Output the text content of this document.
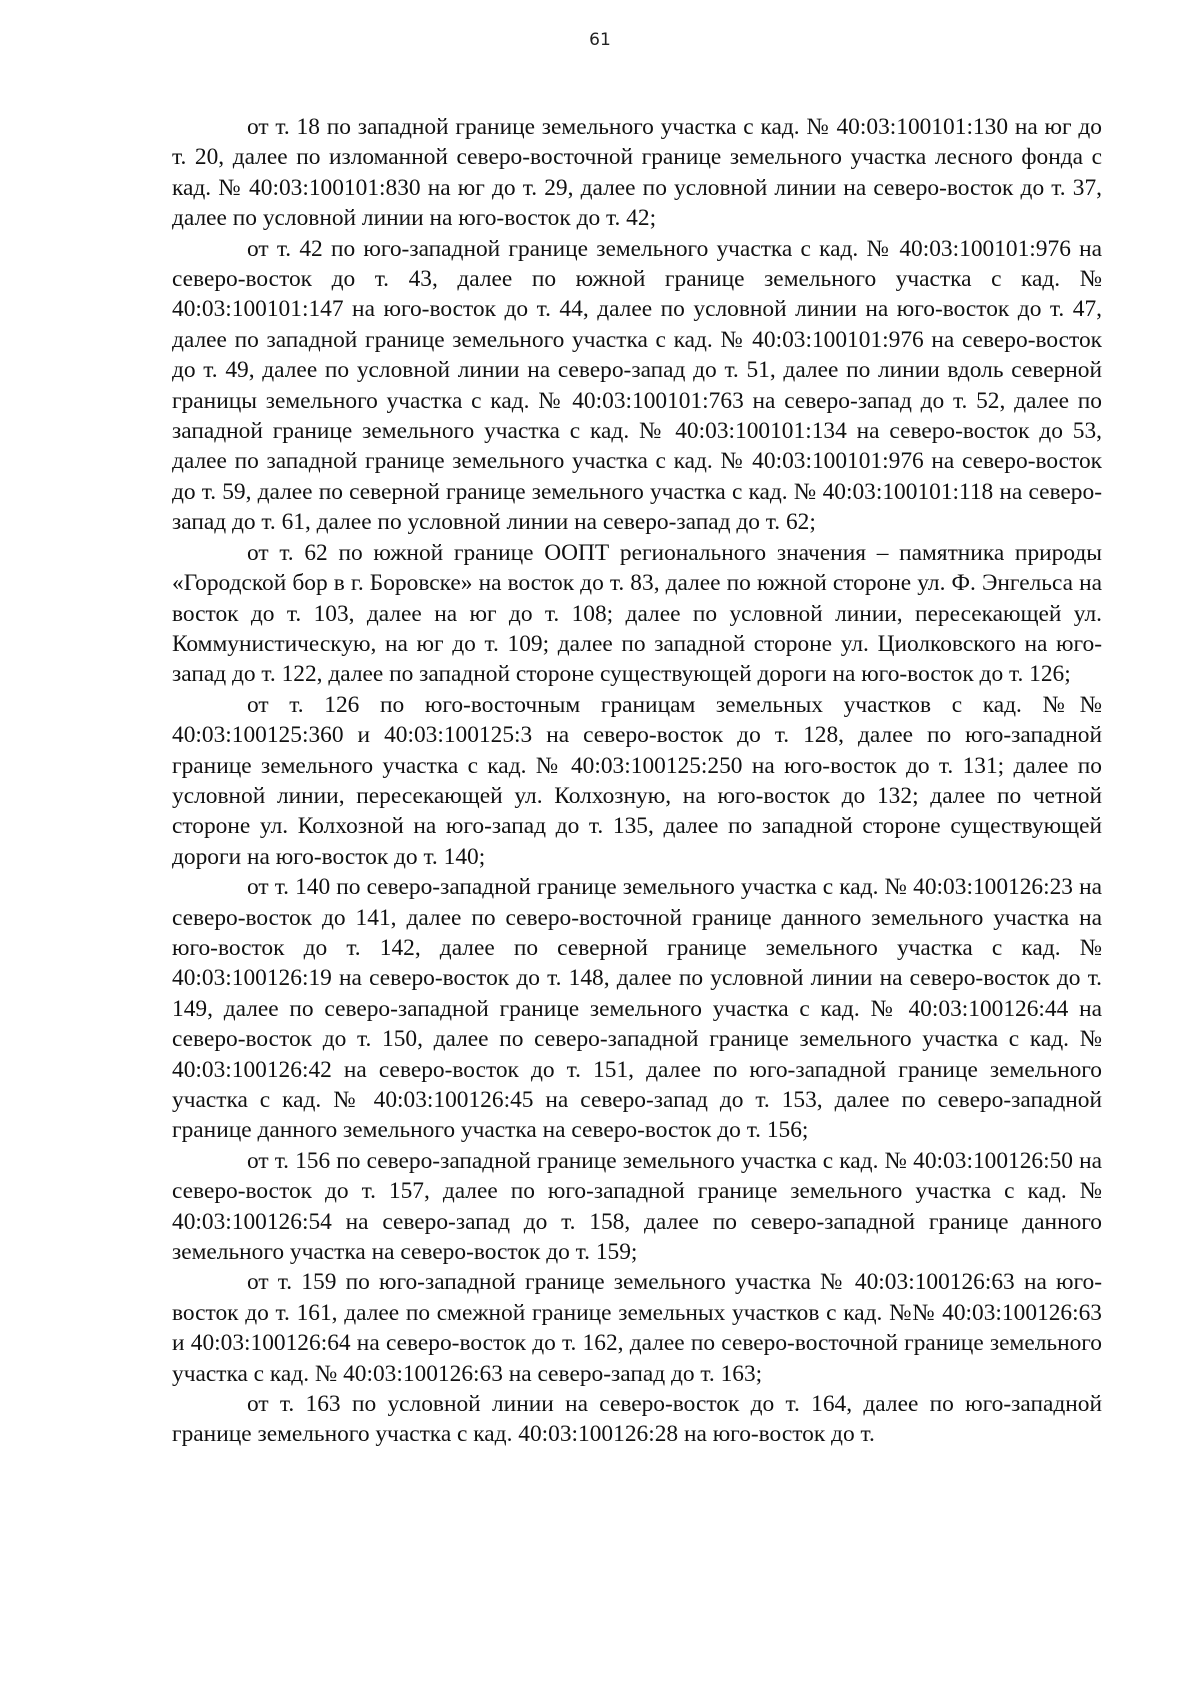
61

от т. 18 по западной границе земельного участка с кад. № 40:03:100101:130 на юг до т. 20, далее по изломанной северо-восточной границе земельного участка лесного фонда с кад. № 40:03:100101:830 на юг до т. 29, далее по условной линии на северо-восток до т. 37, далее по условной линии на юго-восток до т. 42;

от т. 42 по юго-западной границе земельного участка с кад. № 40:03:100101:976 на северо-восток до т. 43, далее по южной границе земельного участка с кад. № 40:03:100101:147 на юго-восток до т. 44, далее по условной линии на юго-восток до т. 47, далее по западной границе земельного участка с кад. № 40:03:100101:976 на северо-восток до т. 49, далее по условной линии на северо-запад до т. 51, далее по линии вдоль северной границы земельного участка с кад. № 40:03:100101:763 на северо-запад до т. 52, далее по западной границе земельного участка с кад. № 40:03:100101:134 на северо-восток до 53, далее по западной границе земельного участка с кад. № 40:03:100101:976 на северо-восток до т. 59, далее по северной границе земельного участка с кад. № 40:03:100101:118 на северо-запад до т. 61, далее по условной линии на северо-запад до т. 62;

от т. 62 по южной границе ООПТ регионального значения – памятника природы «Городской бор в г. Боровске» на восток до т. 83, далее по южной стороне ул. Ф. Энгельса на восток до т. 103, далее на юг до т. 108; далее по условной линии, пересекающей ул. Коммунистическую, на юг до т. 109; далее по западной стороне ул. Циолковского на юго-запад до т. 122, далее по западной стороне существующей дороги на юго-восток до т. 126;

от т. 126 по юго-восточным границам земельных участков с кад. №№ 40:03:100125:360 и 40:03:100125:3 на северо-восток до т. 128, далее по юго-западной границе земельного участка с кад. № 40:03:100125:250 на юго-восток до т. 131; далее по условной линии, пересекающей ул. Колхозную, на юго-восток до 132; далее по четной стороне ул. Колхозной на юго-запад до т. 135, далее по западной стороне существующей дороги на юго-восток до т. 140;

от т. 140 по северо-западной границе земельного участка с кад. № 40:03:100126:23 на северо-восток до 141, далее по северо-восточной границе данного земельного участка на юго-восток до т. 142, далее по северной границе земельного участка с кад. № 40:03:100126:19 на северо-восток до т. 148, далее по условной линии на северо-восток до т. 149, далее по северо-западной границе земельного участка с кад. № 40:03:100126:44 на северо-восток до т. 150, далее по северо-западной границе земельного участка с кад. № 40:03:100126:42 на северо-восток до т. 151, далее по юго-западной границе земельного участка с кад. № 40:03:100126:45 на северо-запад до т. 153, далее по северо-западной границе данного земельного участка на северо-восток до т. 156;

от т. 156 по северо-западной границе земельного участка с кад. № 40:03:100126:50 на северо-восток до т. 157, далее по юго-западной границе земельного участка с кад. № 40:03:100126:54 на северо-запад до т. 158, далее по северо-западной границе данного земельного участка на северо-восток до т. 159;

от т. 159 по юго-западной границе земельного участка № 40:03:100126:63 на юго-восток до т. 161, далее по смежной границе земельных участков с кад. №№ 40:03:100126:63 и 40:03:100126:64 на северо-восток до т. 162, далее по северо-восточной границе земельного участка с кад. № 40:03:100126:63 на северо-запад до т. 163;

от т. 163 по условной линии на северо-восток до т. 164, далее по юго-западной границе земельного участка с кад. 40:03:100126:28 на юго-восток до т.
